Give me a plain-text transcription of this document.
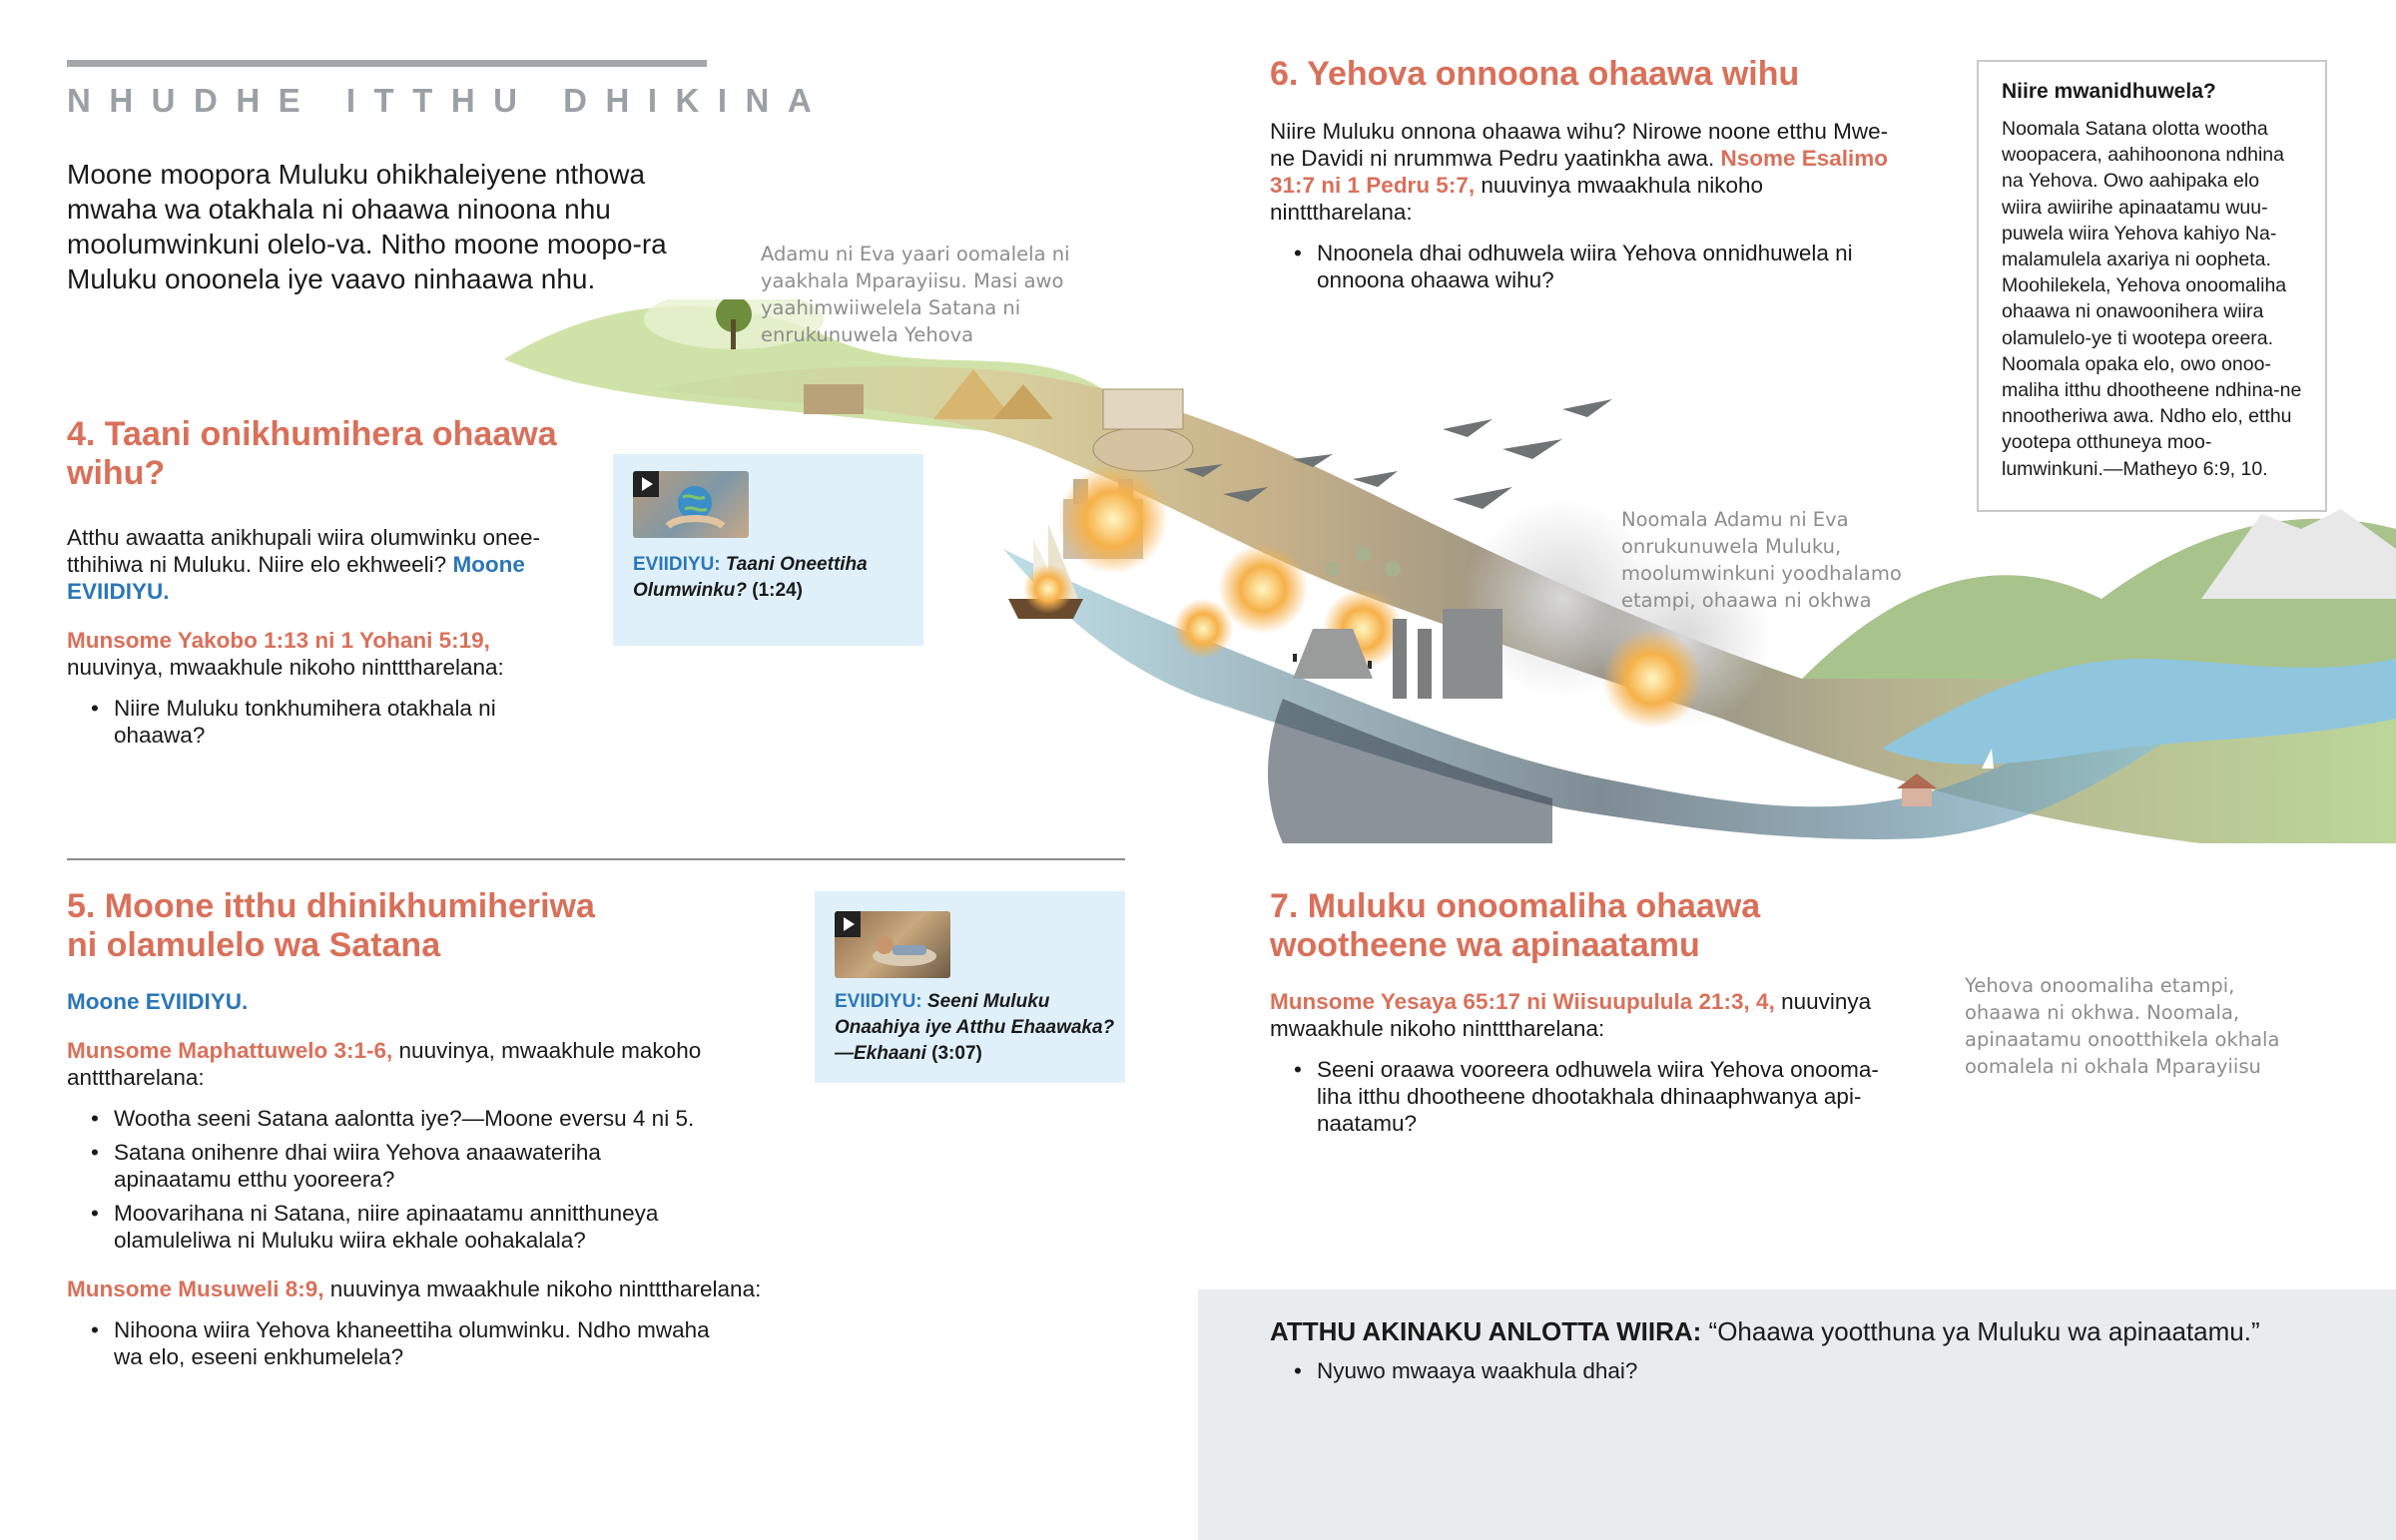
NHUDHE ITTHU DHIKINA
Moone moopora Muluku ohikhaleiyene nthowa mwaha wa otakhala ni ohaawa ninoona nhu moolumwinkuni olelo-va. Nitho moone moopo-ra Muluku onoonela iye vaavo ninhaawa nhu.
Adamu ni Eva yaari oomalela ni yaakhala Mparayiisu. Masi awo yaahimwiiwelela Satana ni enrukunuwela Yehova
Noomala Adamu ni Eva onrukunuwela Muluku, moolumwinkuni yoodhalamo etampi, ohaawa ni okhwa
Yehova onoomaliha etampi, ohaawa ni okhwa. Noomala, apinaatamu onootthikela okhala oomalela ni okhala Mparayiisu
4. Taani onikhumihera ohaawa wihu?

Atthu awaatta anikhupali wiira olumwinku onee-tthihiwa ni Muluku. Niire elo ekhweeli? Moone EVIIDIYU.

Munsome Yakobo 1:13 ni 1 Yohani 5:19, nuuvinya, mwaakhule nikoho nintttharelana:

• Niire Muluku tonkhumihera otakhala ni ohaawa?
EVIIDIYU: Taani Oneettiha Olumwinku? (1:24)
5. Moone itthu dhinikhumiheriwa ni olamulelo wa Satana

Moone EVIIDIYU.

Munsome Maphattuwelo 3:1-6, nuuvinya, mwaakhule makoho antttharelana:

• Wootha seeni Satana aalontta iye?—Moone eversu 4 ni 5.
• Satana onihenre dhai wiira Yehova anaawateriha apinaatamu etthu yooreera?
• Moovarihana ni Satana, niire apinaatamu annitthuneya olamuleliwa ni Muluku wiira ekhale oohakalala?

Munsome Musuweli 8:9, nuuvinya mwaakhule nikoho nintttharelana:

• Nihoona wiira Yehova khaneettiha olumwinku. Ndho mwaha wa elo, eseeni enkhumelela?
EVIIDIYU: Seeni Muluku Onaahiya iye Atthu Ehaawaka?—Ekhaani (3:07)
6. Yehova onnoona ohaawa wihu

Niire Muluku onnona ohaawa wihu? Nirowe noone etthu Mwe-ne Davidi ni nrummwa Pedru yaatinkha awa. Nsome Esalimo 31:7 ni 1 Pedru 5:7, nuuvinya mwaakhula nikoho nintttharelana:

• Nnoonela dhai odhuwela wiira Yehova onnidhuwela ni onnoona ohaawa wihu?
Niire mwanidhuwela?
Noomala Satana olotta wootha woopacera, aahihoonona ndhina na Yehova. Owo aahipaka elo wiira awiirihe apinaatamu wuu-puwela wiira Yehova kahiyo Na-malamulela axariya ni oopheta. Moohilekela, Yehova onoomaliha ohaawa ni onawoonihera wiira olamulelo-ye ti wootepa oreera. Noomala opaka elo, owo onoo-maliha itthu dhootheene ndhina-ne nnootheriwa awa. Ndho elo, etthu yootepa otthuneya moo-lumwinkuni.—Matheyo 6:9, 10.
7. Muluku onoomaliha ohaawa wootheene wa apinaatamu

Munsome Yesaya 65:17 ni Wiisuupulula 21:3, 4, nuuvinya mwaakhule nikoho nintttharelana:

• Seeni oraawa vooreera odhuwela wiira Yehova onooma-liha itthu dhootheene dhootakhala dhinaaphwanya api-naatamu?
ATTHU AKINAKU ANLOTTA WIIRA: “Ohaawa yootthuna ya Muluku wa apinaatamu.”
• Nyuwo mwaaya waakhula dhai?
